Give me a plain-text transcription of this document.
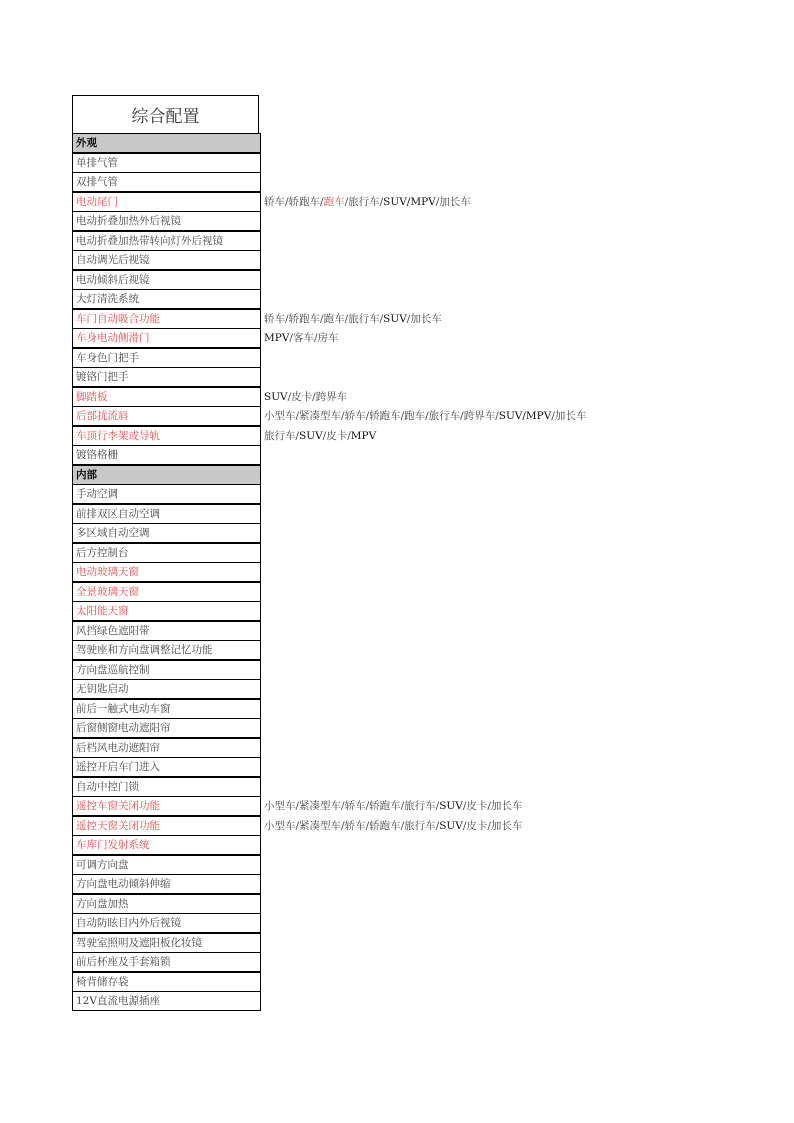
综合配置
外观
单排气管
双排气管
电动尾门	轿车/轿跑车/跑车/旅行车/SUV/MPV/加长车
电动折叠加热外后视镜
电动折叠加热带转向灯外后视镜
自动调光后视镜
电动倾斜后视镜
大灯清洗系统
车门自动吸合功能	轿车/轿跑车/跑车/旅行车/SUV/加长车
车身电动侧滑门	MPV/客车/房车
车身色门把手
镀铬门把手
脚踏板	SUV/皮卡/跨界车
后部扰流唇	小型车/紧凑型车/轿车/轿跑车/跑车/旅行车/跨界车/SUV/MPV/加长车
车顶行李架或导轨	旅行车/SUV/皮卡/MPV
镀铬格栅
内部
手动空调
前排双区自动空调
多区域自动空调
后方控制台
电动玻璃天窗
全景玻璃天窗
太阳能天窗
风挡绿色遮阳带
驾驶座和方向盘调整记忆功能
方向盘巡航控制
无钥匙启动
前后一触式电动车窗
后窗侧窗电动遮阳帘
后档风电动遮阳帘
遥控开启车门进入
自动中控门锁
遥控车窗关闭功能	小型车/紧凑型车/轿车/轿跑车/旅行车/SUV/皮卡/加长车
遥控天窗关闭功能	小型车/紧凑型车/轿车/轿跑车/旅行车/SUV/皮卡/加长车
车库门发射系统
可调方向盘
方向盘电动倾斜伸缩
方向盘加热
自动防眩目内外后视镜
驾驶室照明及遮阳板化妆镜
前后杯座及手套箱锁
椅背储存袋
12V直流电源插座
